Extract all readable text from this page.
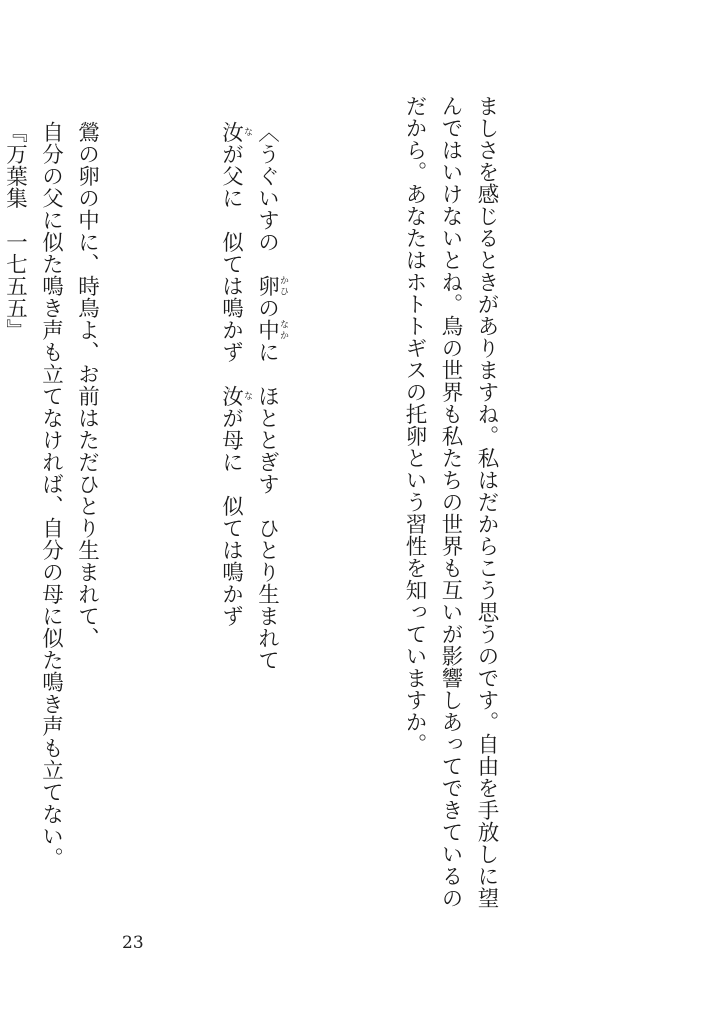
ましさを感じるときがありますね。私はだからこう思うのです。自由を手放しに望んではいけないとね。鳥の世界も私たちの世界も互いが影響しあってできているのだから。あなたはホトトギスの托卵という習性を知っていますか。

〈うぐいすの　卵かひの中なかに　ほととぎす　ひとり生まれて
汝なが父に　似ては鳴かず　汝なが母に　似ては鳴かず

鶯の卵の中に、時鳥よ、お前はただひとり生まれて、
自分の父に似た鳴き声も立てなければ、自分の母に似た鳴き声も立てない。　　　
『万葉集　一七五五』

23
